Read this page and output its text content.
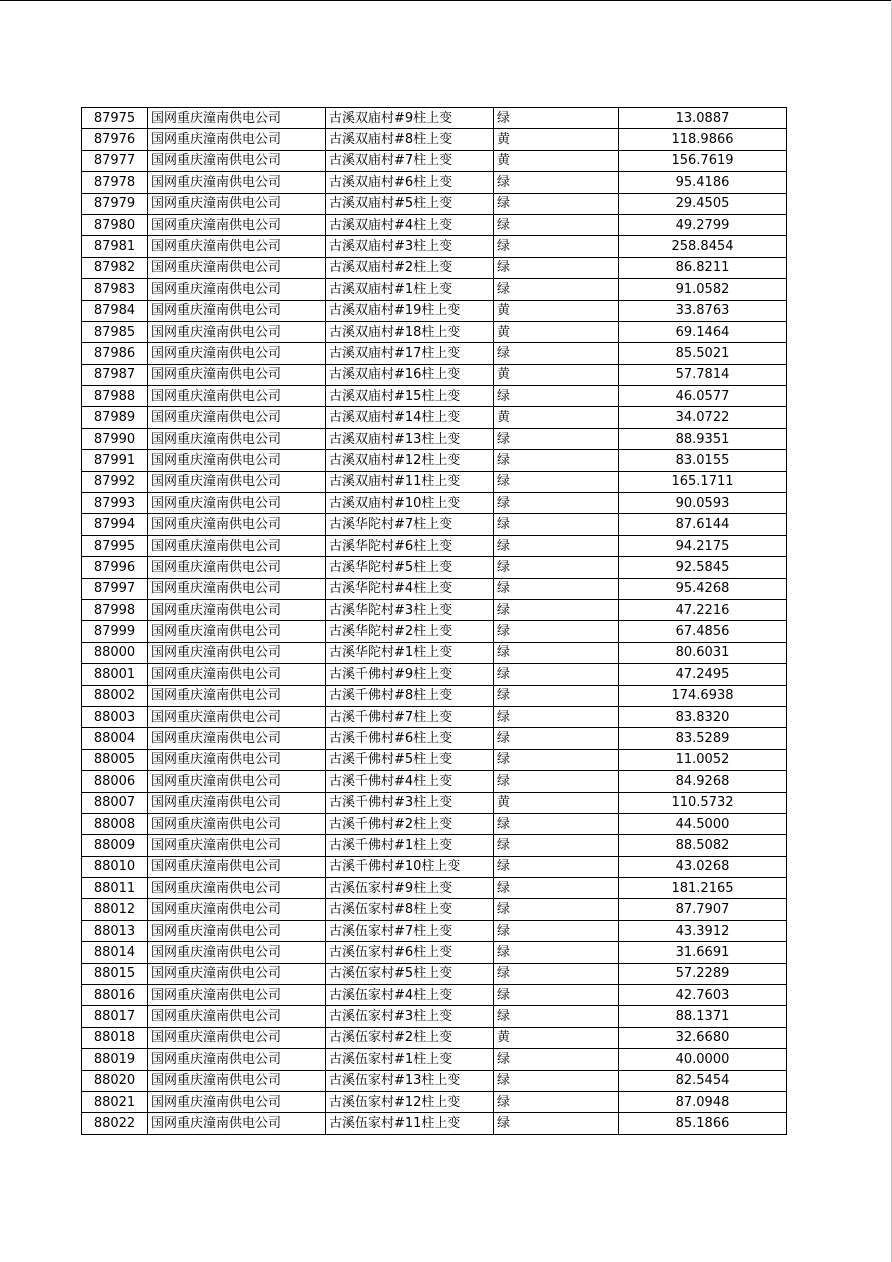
87975	国网重庆潼南供电公司	古溪双庙村#9柱上变	绿	13.0887
87976	国网重庆潼南供电公司	古溪双庙村#8柱上变	黄	118.9866
87977	国网重庆潼南供电公司	古溪双庙村#7柱上变	黄	156.7619
87978	国网重庆潼南供电公司	古溪双庙村#6柱上变	绿	95.4186
87979	国网重庆潼南供电公司	古溪双庙村#5柱上变	绿	29.4505
87980	国网重庆潼南供电公司	古溪双庙村#4柱上变	绿	49.2799
87981	国网重庆潼南供电公司	古溪双庙村#3柱上变	绿	258.8454
87982	国网重庆潼南供电公司	古溪双庙村#2柱上变	绿	86.8211
87983	国网重庆潼南供电公司	古溪双庙村#1柱上变	绿	91.0582
87984	国网重庆潼南供电公司	古溪双庙村#19柱上变	黄	33.8763
87985	国网重庆潼南供电公司	古溪双庙村#18柱上变	黄	69.1464
87986	国网重庆潼南供电公司	古溪双庙村#17柱上变	绿	85.5021
87987	国网重庆潼南供电公司	古溪双庙村#16柱上变	黄	57.7814
87988	国网重庆潼南供电公司	古溪双庙村#15柱上变	绿	46.0577
87989	国网重庆潼南供电公司	古溪双庙村#14柱上变	黄	34.0722
87990	国网重庆潼南供电公司	古溪双庙村#13柱上变	绿	88.9351
87991	国网重庆潼南供电公司	古溪双庙村#12柱上变	绿	83.0155
87992	国网重庆潼南供电公司	古溪双庙村#11柱上变	绿	165.1711
87993	国网重庆潼南供电公司	古溪双庙村#10柱上变	绿	90.0593
87994	国网重庆潼南供电公司	古溪华陀村#7柱上变	绿	87.6144
87995	国网重庆潼南供电公司	古溪华陀村#6柱上变	绿	94.2175
87996	国网重庆潼南供电公司	古溪华陀村#5柱上变	绿	92.5845
87997	国网重庆潼南供电公司	古溪华陀村#4柱上变	绿	95.4268
87998	国网重庆潼南供电公司	古溪华陀村#3柱上变	绿	47.2216
87999	国网重庆潼南供电公司	古溪华陀村#2柱上变	绿	67.4856
88000	国网重庆潼南供电公司	古溪华陀村#1柱上变	绿	80.6031
88001	国网重庆潼南供电公司	古溪千佛村#9柱上变	绿	47.2495
88002	国网重庆潼南供电公司	古溪千佛村#8柱上变	绿	174.6938
88003	国网重庆潼南供电公司	古溪千佛村#7柱上变	绿	83.8320
88004	国网重庆潼南供电公司	古溪千佛村#6柱上变	绿	83.5289
88005	国网重庆潼南供电公司	古溪千佛村#5柱上变	绿	11.0052
88006	国网重庆潼南供电公司	古溪千佛村#4柱上变	绿	84.9268
88007	国网重庆潼南供电公司	古溪千佛村#3柱上变	黄	110.5732
88008	国网重庆潼南供电公司	古溪千佛村#2柱上变	绿	44.5000
88009	国网重庆潼南供电公司	古溪千佛村#1柱上变	绿	88.5082
88010	国网重庆潼南供电公司	古溪千佛村#10柱上变	绿	43.0268
88011	国网重庆潼南供电公司	古溪伍家村#9柱上变	绿	181.2165
88012	国网重庆潼南供电公司	古溪伍家村#8柱上变	绿	87.7907
88013	国网重庆潼南供电公司	古溪伍家村#7柱上变	绿	43.3912
88014	国网重庆潼南供电公司	古溪伍家村#6柱上变	绿	31.6691
88015	国网重庆潼南供电公司	古溪伍家村#5柱上变	绿	57.2289
88016	国网重庆潼南供电公司	古溪伍家村#4柱上变	绿	42.7603
88017	国网重庆潼南供电公司	古溪伍家村#3柱上变	绿	88.1371
88018	国网重庆潼南供电公司	古溪伍家村#2柱上变	黄	32.6680
88019	国网重庆潼南供电公司	古溪伍家村#1柱上变	绿	40.0000
88020	国网重庆潼南供电公司	古溪伍家村#13柱上变	绿	82.5454
88021	国网重庆潼南供电公司	古溪伍家村#12柱上变	绿	87.0948
88022	国网重庆潼南供电公司	古溪伍家村#11柱上变	绿	85.1866
